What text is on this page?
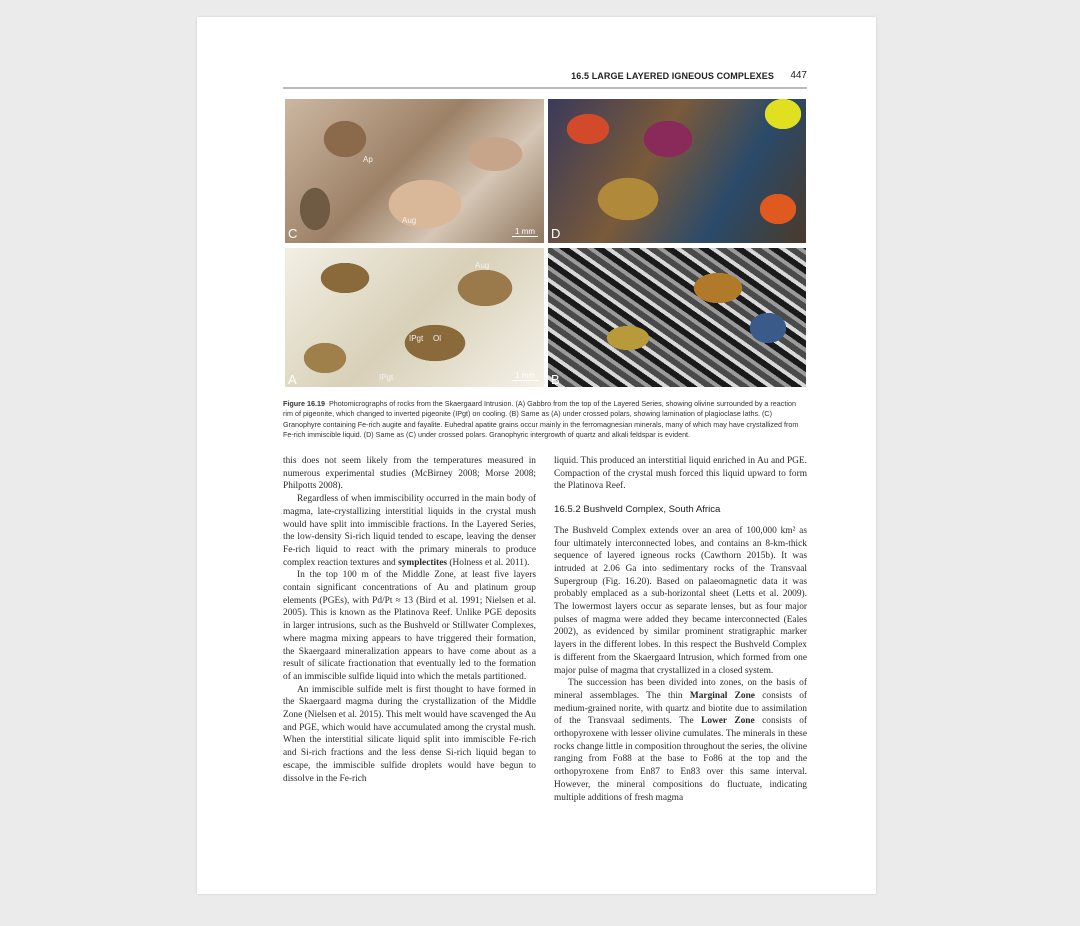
16.5 LARGE LAYERED IGNEOUS COMPLEXES 447
Ap
Aug
C	1 mm D
Aug
IPgt Ol
IPgt
A	1 mm B
Figure 16.19 Photomicrographs of rocks from the Skaergaard Intrusion. (A) Gabbro from the top of the Layered Series, showing olivine surrounded by a reaction rim of pigeonite, which changed to inverted pigeonite (IPgt) on cooling. (B) Same as (A) under crossed polars, showing lamination of plagioclase laths. (C) Granophyre containing Fe-rich augite and fayalite. Euhedral apatite grains occur mainly in the ferromagnesian minerals, many of which may have crystallized from Fe-rich immiscible liquid. (D) Same as (C) under crossed polars. Granophyric intergrowth of quartz and alkali feldspar is evident.

this does not seem likely from the temperatures measured in numerous experimental studies (McBirney 2008; Morse 2008; Philpotts 2008).

Regardless of when immiscibility occurred in the main body of magma, late-crystallizing interstitial liquids in the crystal mush would have split into immiscible fractions. In the Layered Series, the low-density Si-rich liquid tended to escape, leaving the denser Fe-rich liquid to react with the primary minerals to produce complex reaction textures and symplectites (Holness et al. 2011).

In the top 100 m of the Middle Zone, at least five layers contain significant concentrations of Au and platinum group elements (PGEs), with Pd/Pt ≈ 13 (Bird et al. 1991; Nielsen et al. 2005). This is known as the Platinova Reef. Unlike PGE deposits in larger intrusions, such as the Bushveld or Stillwater Complexes, where magma mixing appears to have triggered their formation, the Skaergaard mineralization appears to have come about as a result of silicate fractionation that eventually led to the formation of an immiscible sulfide liquid into which the metals partitioned.

An immiscible sulfide melt is first thought to have formed in the Skaergaard magma during the crystallization of the Middle Zone (Nielsen et al. 2015). This melt would have scavenged the Au and PGE, which would have accumulated among the crystal mush. When the interstitial silicate liquid split into immiscible Fe-rich and Si-rich fractions and the less dense Si-rich liquid began to escape, the immiscible sulfide droplets would have begun to dissolve in the Fe-rich

liquid. This produced an interstitial liquid enriched in Au and PGE. Compaction of the crystal mush forced this liquid upward to form the Platinova Reef.

16.5.2 Bushveld Complex, South Africa

The Bushveld Complex extends over an area of 100,000 km² as four ultimately interconnected lobes, and contains an 8-km-thick sequence of layered igneous rocks (Cawthorn 2015b). It was intruded at 2.06 Ga into sedimentary rocks of the Transvaal Supergroup (Fig. 16.20). Based on palaeomagnetic data it was probably emplaced as a sub-horizontal sheet (Letts et al. 2009). The lowermost layers occur as separate lenses, but as four major pulses of magma were added they became interconnected (Eales 2002), as evidenced by similar prominent stratigraphic marker layers in the different lobes. In this respect the Bushveld Complex is different from the Skaergaard Intrusion, which formed from one major pulse of magma that crystallized in a closed system.

The succession has been divided into zones, on the basis of mineral assemblages. The thin Marginal Zone consists of medium-grained norite, with quartz and biotite due to assimilation of the Transvaal sediments. The Lower Zone consists of orthopyroxene with lesser olivine cumulates. The minerals in these rocks change little in composition throughout the series, the olivine ranging from Fo88 at the base to Fo86 at the top and the orthopyroxene from En87 to En83 over this same interval. However, the mineral compositions do fluctuate, indicating multiple additions of fresh magma
